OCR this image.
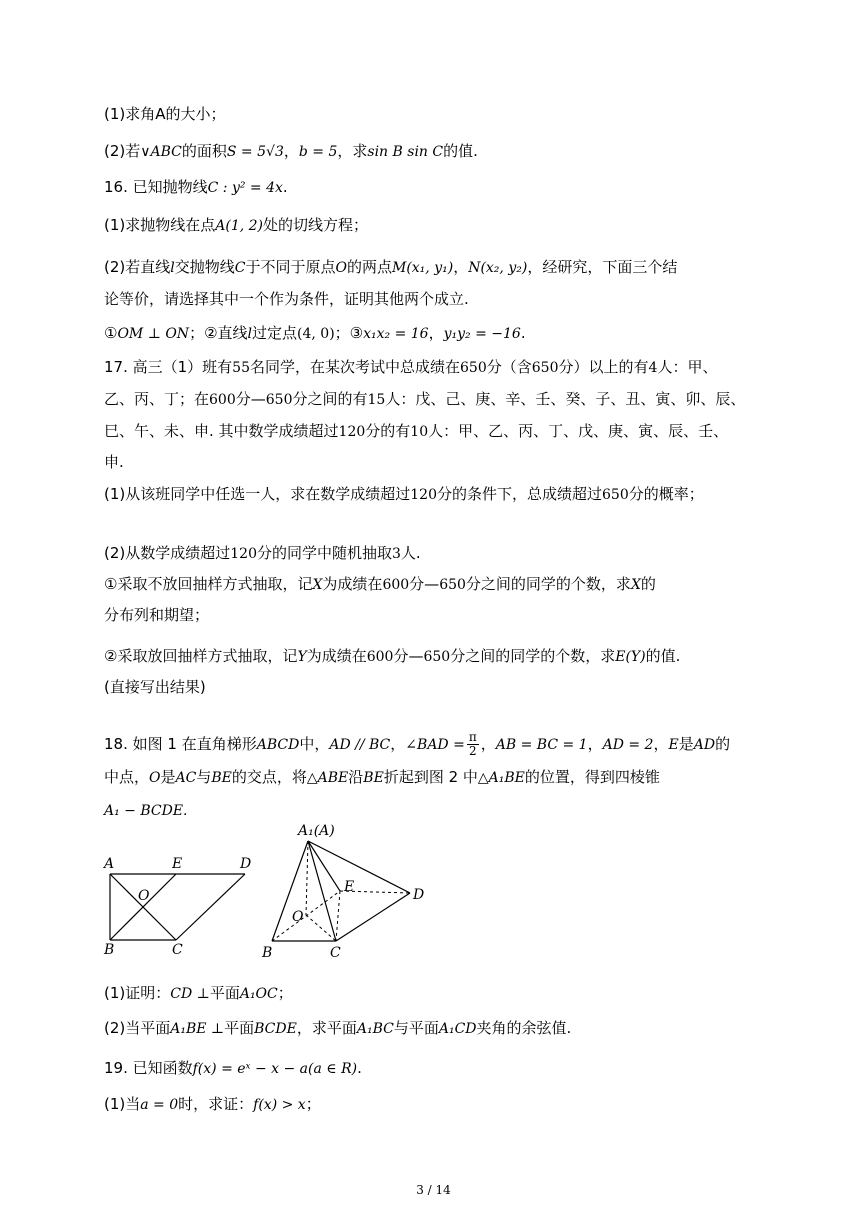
(1)求角A的大小；
(2)若∨ABC的面积S = 5√3，b = 5，求sin B sin C的值.
16. 已知抛物线C : y² = 4x.
(1)求抛物线在点A(1, 2)处的切线方程；
(2)若直线l交抛物线C于不同于原点O的两点M(x₁, y₁)，N(x₂, y₂)，经研究，下面三个结
论等价，请选择其中一个作为条件，证明其他两个成立.
①OM ⊥ ON；②直线l过定点(4, 0)；③x₁x₂ = 16，y₁y₂ = −16.
17. 高三（1）班有55名同学，在某次考试中总成绩在650分（含650分）以上的有4人：甲、
乙、丙、丁；在600分—650分之间的有15人：戊、己、庚、辛、壬、癸、子、丑、寅、卯、辰、
巳、午、未、申. 其中数学成绩超过120分的有10人：甲、乙、丙、丁、戊、庚、寅、辰、壬、
申.
(1)从该班同学中任选一人，求在数学成绩超过120分的条件下，总成绩超过650分的概率；
(2)从数学成绩超过120分的同学中随机抽取3人.
①采取不放回抽样方式抽取，记X为成绩在600分—650分之间的同学的个数，求X的
分布列和期望；
②采取放回抽样方式抽取，记Y为成绩在600分—650分之间的同学的个数，求E(Y)的值.
(直接写出结果)
18. 如图 1 在直角梯形ABCD中，AD // BC，∠BAD = $\frac{\pi}{2}$ ，AB = BC = 1，AD = 2，E是AD的
中点，O是AC与BE的交点，将△ABE沿BE折起到图 2 中△A₁BE的位置，得到四棱锥
A₁ − BCDE.
A	E	D
O
B	C
A₁(A)
E	D
O
B	C
(1)证明：CD ⊥平面A₁OC；
(2)当平面A₁BE ⊥平面BCDE，求平面A₁BC与平面A₁CD夹角的余弦值.
19. 已知函数f(x) = eˣ − x − a(a ∈ R).
(1)当a = 0时，求证：f(x) > x；
3 / 14
